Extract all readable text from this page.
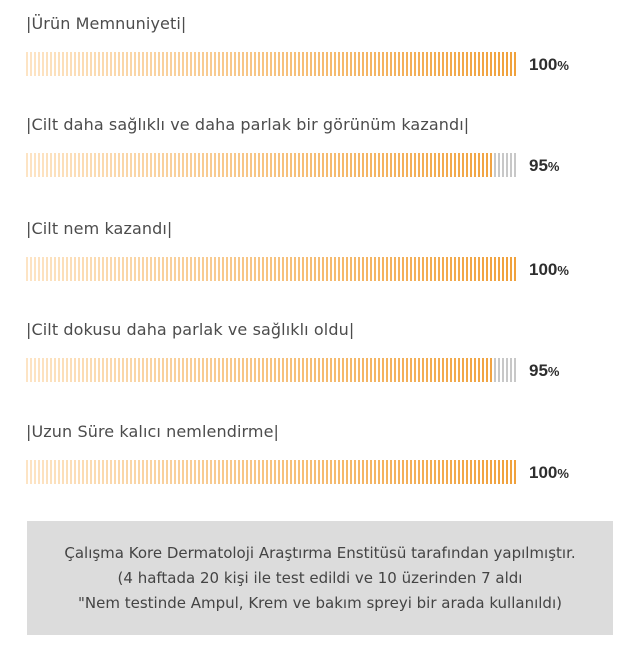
|Ürün Memnuniyeti|
100%
|Cilt daha sağlıklı ve daha parlak bir görünüm kazandı|
95%
|Cilt nem kazandı|
100%
|Cilt dokusu daha parlak ve sağlıklı oldu|
95%
|Uzun Süre kalıcı nemlendirme|
100%
Çalışma Kore Dermatoloji Araştırma Enstitüsü tarafından yapılmıştır.
(4 haftada 20 kişi ile test edildi ve 10 üzerinden 7 aldı
"Nem testinde Ampul, Krem ve bakım spreyi bir arada kullanıldı)
